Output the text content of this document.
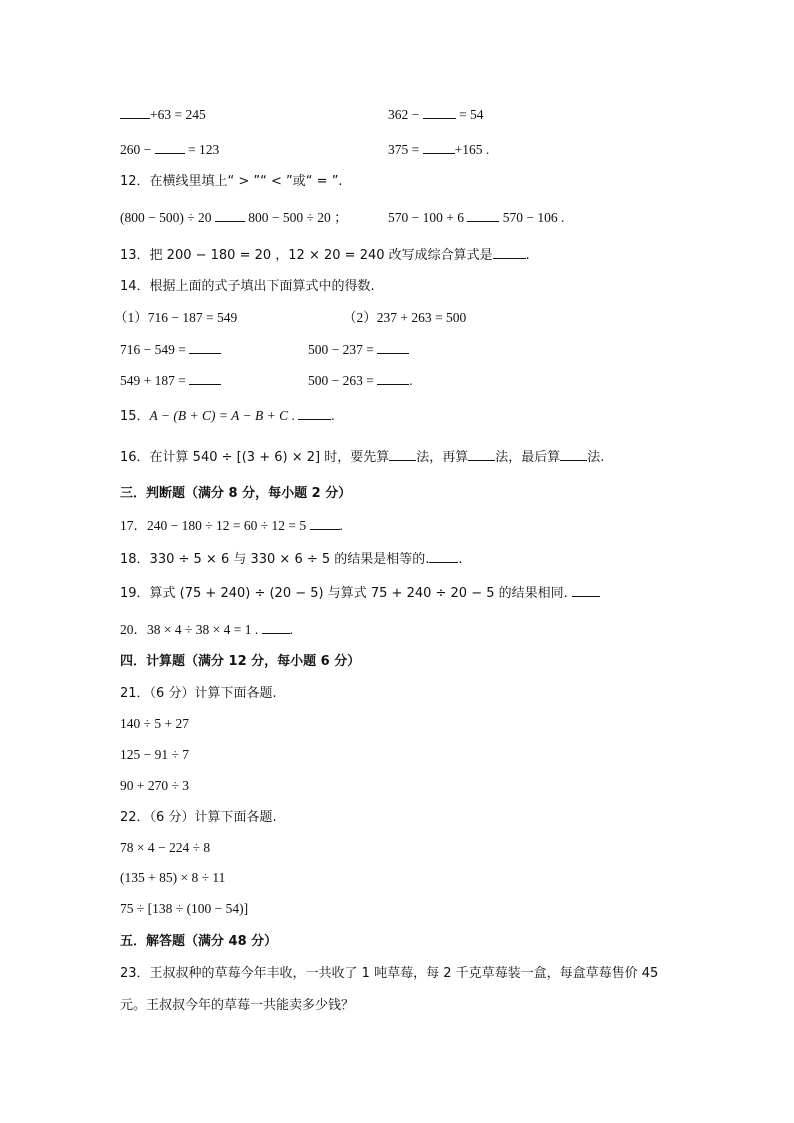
+63 = 245	362 −  = 54
260 −  = 123	375 = +165 .
12．在横线里填上“ > ”“ < ”或“ = ”.
(800 − 500) ÷ 20  800 − 500 ÷ 20 ；	570 − 100 + 6  570 − 106 .
13．把 200 − 180 = 20 ，12 × 20 = 240 改写成综合算式是	.
14．根据上面的式子填出下面算式中的得数.
（1）716 − 187 = 549	（2）237 + 263 = 500
716 − 549 =	500 − 237 =
549 + 187 =	500 − 263 = .
15．A − (B + C) = A − B + C .	.
16．在计算 540 ÷ [(3 + 6) × 2] 时，要先算 法，再算 法，最后算 法.
三．判断题（满分 8 分，每小题 2 分）
17．240 − 180 ÷ 12 = 60 ÷ 12 = 5 .
18．330 ÷ 5 × 6 与 330 × 6 ÷ 5 的结果是相等的. .
19．算式 (75 + 240) ÷ (20 − 5) 与算式 75 + 240 ÷ 20 − 5 的结果相同.
20．38 × 4 ÷ 38 × 4 = 1 . .
四．计算题（满分 12 分，每小题 6 分）
21．（6 分）计算下面各题.
140 ÷ 5 + 27
125 − 91 ÷ 7
90 + 270 ÷ 3
22．（6 分）计算下面各题.
78 × 4 − 224 ÷ 8
(135 + 85) × 8 ÷ 11
75 ÷ [138 ÷ (100 − 54)]
五．解答题（满分 48 分）
23．王叔叔种的草莓今年丰收，一共收了 1 吨草莓，每 2 千克草莓装一盒，每盒草莓售价 45
元。王叔叔今年的草莓一共能卖多少钱？
